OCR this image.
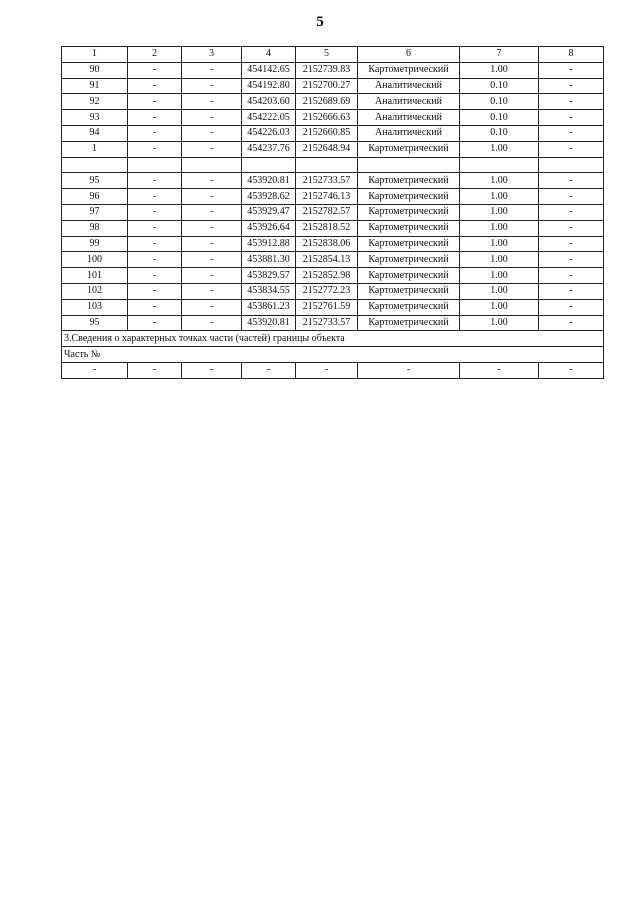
5
1	2	3	4	5	6	7	8
90	-	-	454142.65	2152739.83	Картометрический	1.00	-
91	-	-	454192.80	2152700.27	Аналитический	0.10	-
92	-	-	454203.60	2152689.69	Аналитический	0.10	-
93	-	-	454222.05	2152666.63	Аналитический	0.10	-
94	-	-	454226.03	2152660.85	Аналитический	0.10	-
1	-	-	454237.76	2152648.94	Картометрический	1.00	-

95	-	-	453920.81	2152733.57	Картометрический	1.00	-
96	-	-	453928.62	2152746.13	Картометрический	1.00	-
97	-	-	453929.47	2152782.57	Картометрический	1.00	-
98	-	-	453926.64	2152818.52	Картометрический	1.00	-
99	-	-	453912.88	2152838.06	Картометрический	1.00	-
100	-	-	453881.30	2152854.13	Картометрический	1.00	-
101	-	-	453829.57	2152852.98	Картометрический	1.00	-
102	-	-	453834.55	2152772.23	Картометрический	1.00	-
103	-	-	453861.23	2152761.59	Картометрический	1.00	-
95	-	-	453920.81	2152733.57	Картометрический	1.00	-
3.Сведения о характерных точках части (частей) границы объекта							
Часть №							
-	-	-	-	-	-	-	-
